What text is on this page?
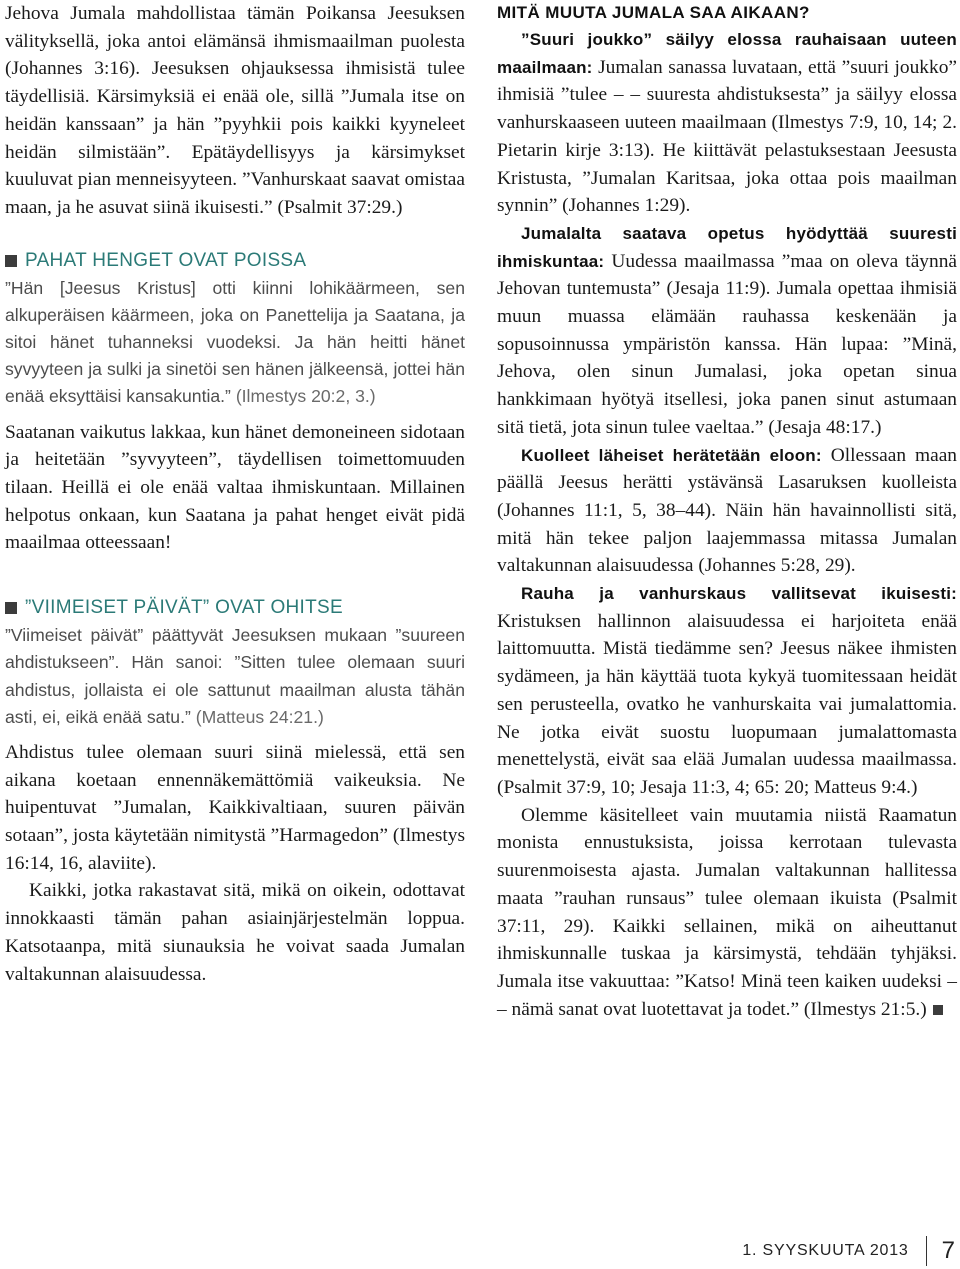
Jehova Jumala mahdollistaa tämän Poikansa Jeesuksen välityksellä, joka antoi elämänsä ihmismaailman puolesta (Johannes 3:16). Jeesuksen ohjauksessa ihmisistä tulee täydellisiä. Kärsimyksiä ei enää ole, sillä ”Jumala itse on heidän kanssaan” ja hän ”pyyhkii pois kaikki kyyneleet heidän silmistään”. Epätäydellisyys ja kärsimykset kuuluvat pian menneisyyteen. ”Vanhurskaat saavat omistaa maan, ja he asuvat siinä ikuisesti.” (Psalmit 37:29.)

PAHAT HENGET OVAT POISSA

”Hän [Jeesus Kristus] otti kiinni lohikäärmeen, sen alkuperäisen käärmeen, joka on Panettelija ja Saatana, ja sitoi hänet tuhanneksi vuodeksi. Ja hän heitti hänet syvyyteen ja sulki ja sinetöi sen hänen jälkeensä, jottei hän enää eksyttäisi kansakuntia.” (Ilmestys 20:2, 3.)

Saatanan vaikutus lakkaa, kun hänet demoneineen sidotaan ja heitetään ”syvyyteen”, täydellisen toimettomuuden tilaan. Heillä ei ole enää valtaa ihmiskuntaan. Millainen helpotus onkaan, kun Saatana ja pahat henget eivät pidä maailmaa otteessaan!

”VIIMEISET PÄIVÄT” OVAT OHITSE

”Viimeiset päivät” päättyvät Jeesuksen mukaan ”suureen ahdistukseen”. Hän sanoi: ”Sitten tulee olemaan suuri ahdistus, jollaista ei ole sattunut maailman alusta tähän asti, ei, eikä enää satu.” (Matteus 24:21.)

Ahdistus tulee olemaan suuri siinä mielessä, että sen aikana koetaan ennennäkemättömiä vaikeuksia. Ne huipentuvat ”Jumalan, Kaikkivaltiaan, suuren päivän sotaan”, josta käytetään nimitystä ”Harmagedon” (Ilmestys 16:14, 16, alaviite).

Kaikki, jotka rakastavat sitä, mikä on oikein, odottavat innokkaasti tämän pahan asiainjärjestelmän loppua. Katsotaanpa, mitä siunauksia he voivat saada Jumalan valtakunnan alaisuudessa.

MITÄ MUUTA JUMALA SAA AIKAAN?

”Suuri joukko” säilyy elossa rauhaisaan uuteen maailmaan: Jumalan sanassa luvataan, että ”suuri joukko” ihmisiä ”tulee – – suuresta ahdistuksesta” ja säilyy elossa vanhurskaaseen uuteen maailmaan (Ilmestys 7:9, 10, 14; 2. Pietarin kirje 3:13). He kiittävät pelastuksestaan Jeesusta Kristusta, ”Jumalan Karitsaa, joka ottaa pois maailman synnin” (Johannes 1:29).

Jumalalta saatava opetus hyödyttää suuresti ihmiskuntaa: Uudessa maailmassa ”maa on oleva täynnä Jehovan tuntemusta” (Jesaja 11:9). Jumala opettaa ihmisiä muun muassa elämään rauhassa keskenään ja sopusoinnussa ympäristön kanssa. Hän lupaa: ”Minä, Jehova, olen sinun Jumalasi, joka opetan sinua hankkimaan hyötyä itsellesi, joka panen sinut astumaan sitä tietä, jota sinun tulee vaeltaa.” (Jesaja 48:17.)

Kuolleet läheiset herätetään eloon: Ollessaan maan päällä Jeesus herätti ystävänsä Lasaruksen kuolleista (Johannes 11:1, 5, 38–44). Näin hän havainnollisti sitä, mitä hän tekee paljon laajemmassa mitassa Jumalan valtakunnan alaisuudessa (Johannes 5:28, 29).

Rauha ja vanhurskaus vallitsevat ikuisesti: Kristuksen hallinnon alaisuudessa ei harjoiteta enää laittomuutta. Mistä tiedämme sen? Jeesus näkee ihmisten sydämeen, ja hän käyttää tuota kykyä tuomitessaan heidät sen perusteella, ovatko he vanhurskaita vai jumalattomia. Ne jotka eivät suostu luopumaan jumalattomasta menettelystä, eivät saa elää Jumalan uudessa maailmassa. (Psalmit 37:9, 10; Jesaja 11:3, 4; 65: 20; Matteus 9:4.)

Olemme käsitelleet vain muutamia niistä Raamatun monista ennustuksista, joissa kerrotaan tulevasta suurenmoisesta ajasta. Jumalan valtakunnan hallitessa maata ”rauhan runsaus” tulee olemaan ikuista (Psalmit 37:11, 29). Kaikki sellainen, mikä on aiheuttanut ihmiskunnalle tuskaa ja kärsimystä, tehdään tyhjäksi. Jumala itse vakuuttaa: ”Katso! Minä teen kaiken uudeksi – – nämä sanat ovat luotettavat ja todet.” (Ilmestys 21:5.)

1. SYYSKUUTA 2013 7
